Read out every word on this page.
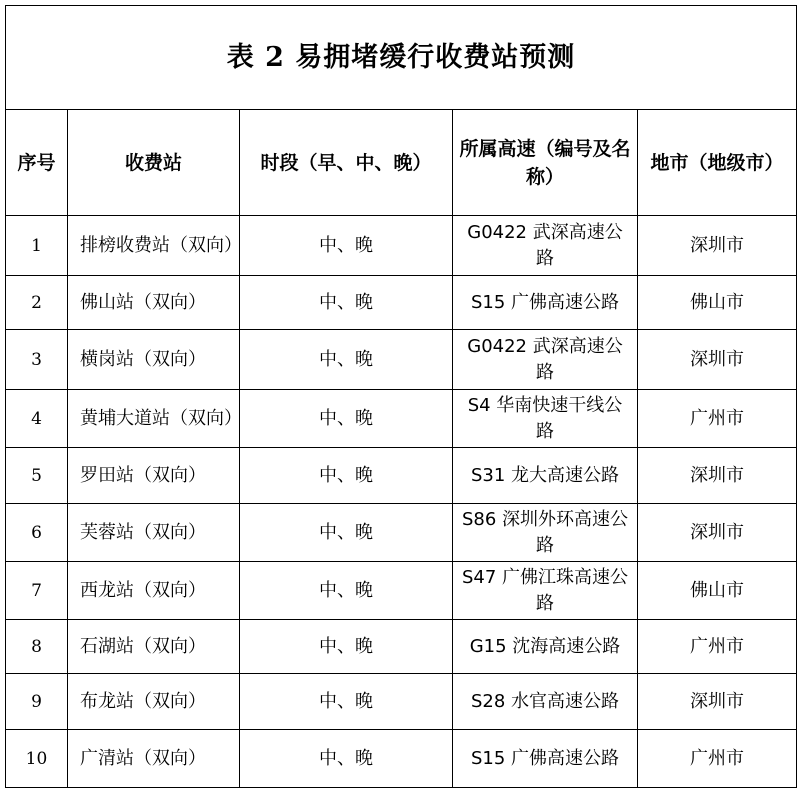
表 2 易拥堵缓行收费站预测				
序号	收费站	时段（早、中、晚）	所属高速（编号及名称）	地市（地级市）
1	排榜收费站（双向）	中、晚	G0422 武深高速公路	深圳市
2	佛山站（双向）	中、晚	S15 广佛高速公路	佛山市
3	横岗站（双向）	中、晚	G0422 武深高速公路	深圳市
4	黄埔大道站（双向）	中、晚	S4 华南快速干线公路	广州市
5	罗田站（双向）	中、晚	S31 龙大高速公路	深圳市
6	芙蓉站（双向）	中、晚	S86 深圳外环高速公路	深圳市
7	西龙站（双向）	中、晚	S47 广佛江珠高速公路	佛山市
8	石湖站（双向）	中、晚	G15 沈海高速公路	广州市
9	布龙站（双向）	中、晚	S28 水官高速公路	深圳市
10	广清站（双向）	中、晚	S15 广佛高速公路	广州市
